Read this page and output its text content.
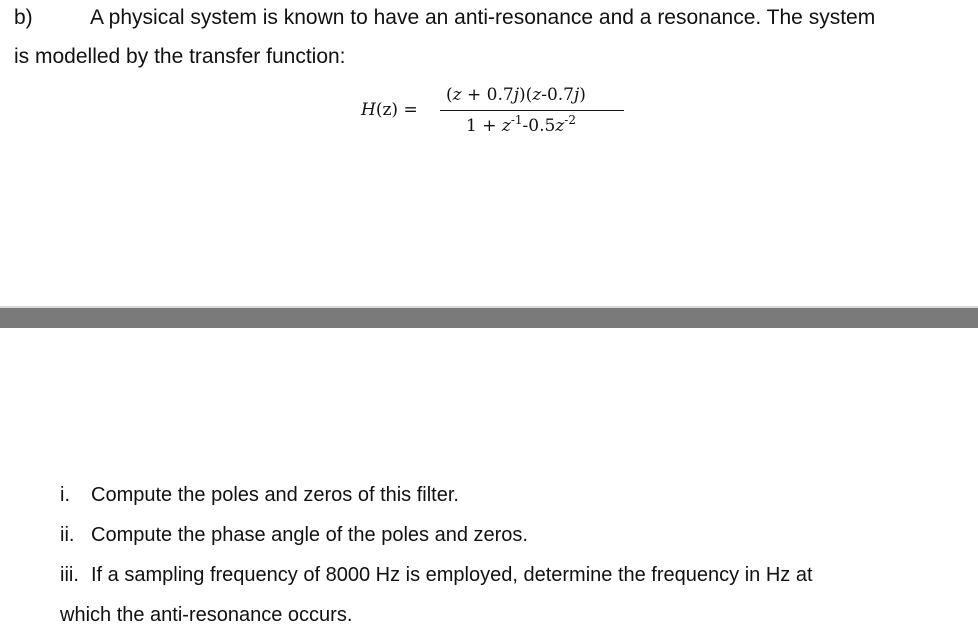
b)	A physical system is known to have an anti-resonance and a resonance. The system
is modelled by the transfer function:
H(z) =
(z + 0.7j)(z-0.7j)
$1 + z^{-1}-0.5z^{-2}$
i. Compute the poles and zeros of this filter.
ii. Compute the phase angle of the poles and zeros.
iii. If a sampling frequency of 8000 Hz is employed, determine the frequency in Hz at
which the anti-resonance occurs.
